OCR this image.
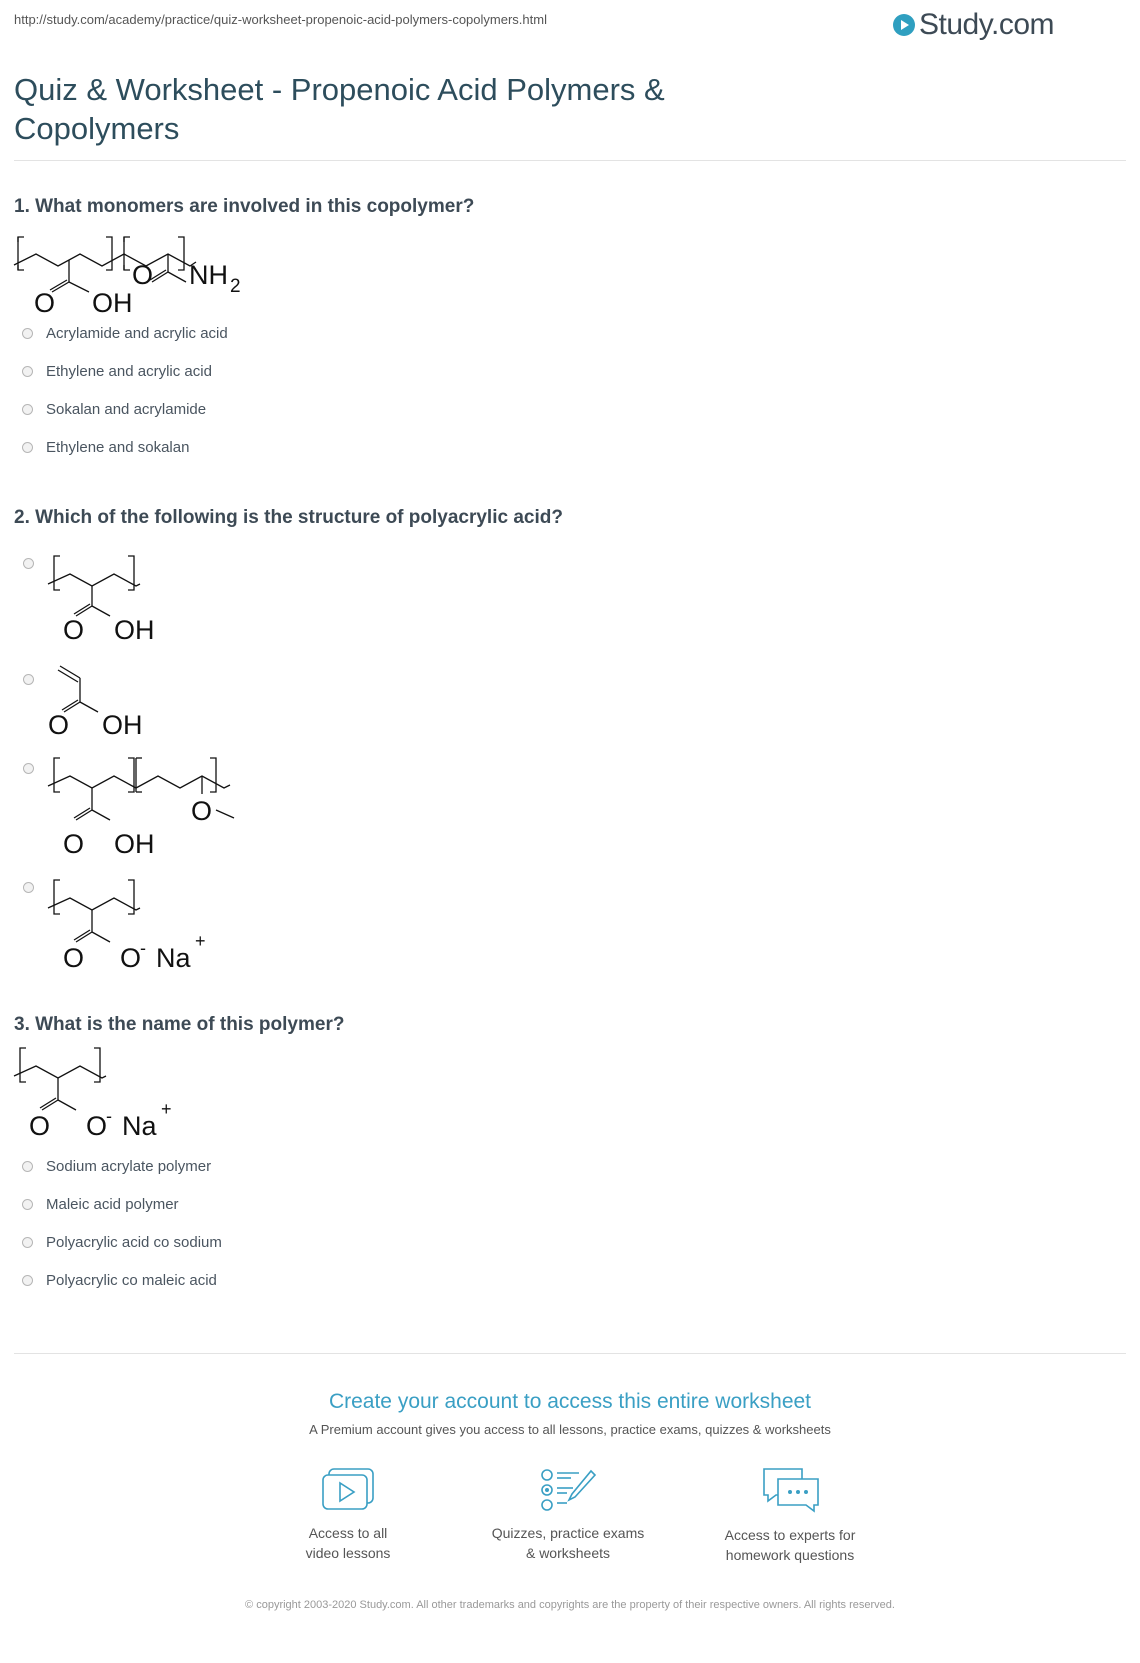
http://study.com/academy/practice/quiz-worksheet-propenoic-acid-polymers-copolymers.html	Study.com
Quiz & Worksheet - Propenoic Acid Polymers & Copolymers
1. What monomers are involved in this copolymer?
O OH
O NH 2
Acrylamide and acrylic acid
Ethylene and acrylic acid
Sokalan and acrylamide
Ethylene and sokalan
2. Which of the following is the structure of polyacrylic acid?
O OH
O OH
O OH
O
O O
- Na
+
3. What is the name of this polymer?
O O
- Na
+
Sodium acrylate polymer
Maleic acid polymer
Polyacrylic acid co sodium
Polyacrylic co maleic acid
Create your account to access this entire worksheet
A Premium account gives you access to all lessons, practice exams, quizzes & worksheets
Access to all
video lessons
Quizzes, practice exams
& worksheets
Access to experts for
homework questions
© copyright 2003-2020 Study.com. All other trademarks and copyrights are the property of their respective owners. All rights reserved.
